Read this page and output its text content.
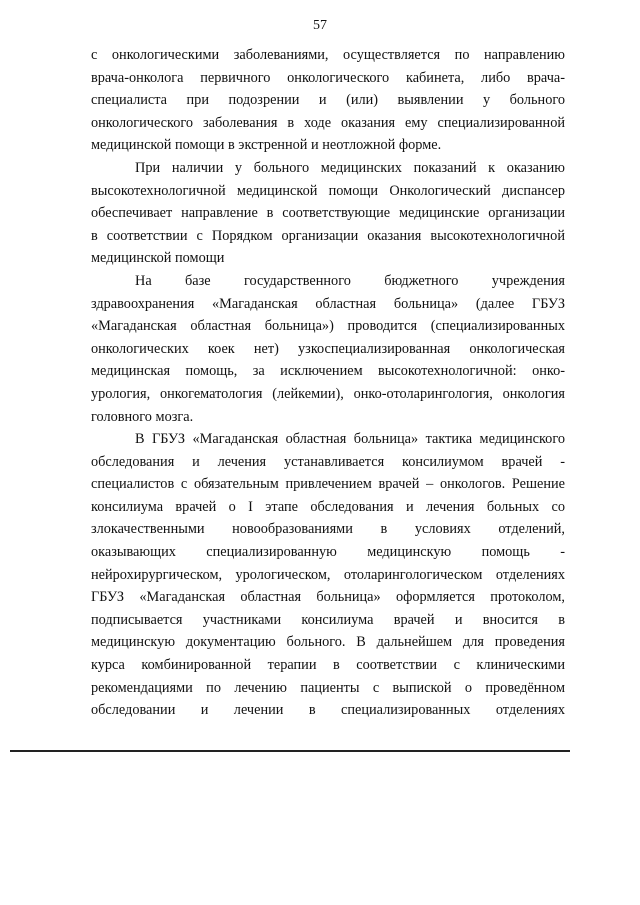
57

с онкологическими заболеваниями, осуществляется по направлению
врача-онколога первичного онкологического кабинета, либо врача-
специалиста при подозрении и (или) выявлении у больного
онкологического заболевания в ходе оказания ему специализированной
медицинской помощи в экстренной и неотложной форме.

При наличии у больного медицинских показаний к оказанию
высокотехнологичной медицинской помощи Онкологический диспансер
обеспечивает направление в соответствующие медицинские организации
в соответствии с Порядком организации оказания высокотехнологичной
медицинской помощи

На базе государственного бюджетного учреждения
здравоохранения «Магаданская областная больница» (далее ГБУЗ
«Магаданская областная больница») проводится (специализированных
онкологических коек нет) узкоспециализированная онкологическая
медицинская помощь, за исключением высокотехнологичной: онко-
урология, онкогематология (лейкемии), онко-отоларингология, онкология
головного мозга.

В ГБУЗ «Магаданская областная больница» тактика медицинского
обследования и лечения устанавливается консилиумом врачей -
специалистов с обязательным привлечением врачей – онкологов. Решение
консилиума врачей о I этапе обследования и лечения больных со
злокачественными новообразованиями в условиях отделений,
оказывающих специализированную медицинскую помощь -
нейрохирургическом, урологическом, отоларингологическом отделениях
ГБУЗ «Магаданская областная больница» оформляется протоколом,
подписывается участниками консилиума врачей и вносится в
медицинскую документацию больного. В дальнейшем для проведения
курса комбинированной терапии в соответствии с клиническими
рекомендациями по лечению пациенты с выпиской о проведённом
обследовании и лечении в специализированных отделениях
